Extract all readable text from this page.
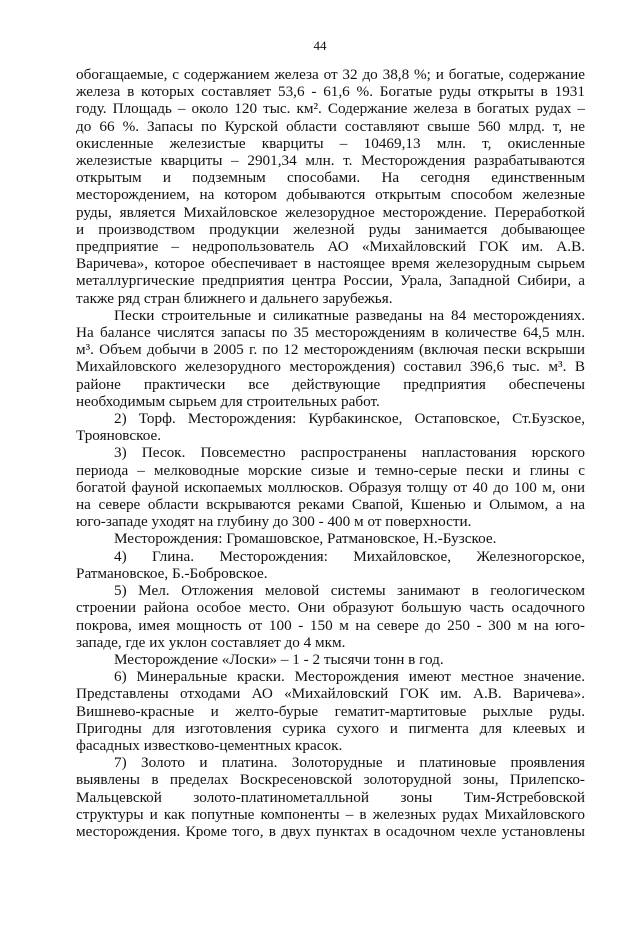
44
обогащаемые, с содержанием железа от 32 до 38,8 %; и богатые, содержание
железа в которых составляет 53,6 - 61,6 %. Богатые руды открыты в 1931
году. Площадь – около 120 тыс. км². Содержание железа в богатых рудах –
до 66 %. Запасы по Курской области составляют свыше 560 млрд. т, не
окисленные железистые кварциты – 10469,13 млн. т, окисленные
железистые кварциты – 2901,34 млн. т. Месторождения разрабатываются
открытым и подземным способами. На сегодня единственным
месторождением, на котором добываются открытым способом железные
руды, является Михайловское железорудное месторождение. Переработкой
и производством продукции железной руды занимается добывающее
предприятие – недропользователь АО «Михайловский ГОК им. А.В.
Варичева», которое обеспечивает в настоящее время железорудным сырьем
металлургические предприятия центра России, Урала, Западной Сибири, а
также ряд стран ближнего и дальнего зарубежья.
Пески строительные и силикатные разведаны на 84 месторождениях.
На балансе числятся запасы по 35 месторождениям в количестве 64,5 млн.
м³. Объем добычи в 2005 г. по 12 месторождениям (включая пески вскрыши
Михайловского железорудного месторождения) составил 396,6 тыс. м³. В
районе практически все действующие предприятия обеспечены
необходимым сырьем для строительных работ.
2) Торф. Месторождения: Курбакинское, Остаповское, Ст.Бузское,
Трояновское.
3) Песок. Повсеместно распространены напластования юрского
периода – мелководные морские сизые и темно-серые пески и глины с
богатой фауной ископаемых моллюсков. Образуя толщу от 40 до 100 м, они
на севере области вскрываются реками Свапой, Кшенью и Олымом, а на
юго-западе уходят на глубину до 300 - 400 м от поверхности.
Месторождения: Громашовское, Ратмановское, Н.-Бузское.
4) Глина. Месторождения: Михайловское, Железногорское,
Ратмановское, Б.-Бобровское.
5) Мел. Отложения меловой системы занимают в геологическом
строении района особое место. Они образуют большую часть осадочного
покрова, имея мощность от 100 - 150 м на севере до 250 - 300 м на юго-
западе, где их уклон составляет до 4 мкм.
Месторождение «Лоски» – 1 - 2 тысячи тонн в год.
6) Минеральные краски. Месторождения имеют местное значение.
Представлены отходами АО «Михайловский ГОК им. А.В. Варичева».
Вишнево-красные и желто-бурые гематит-мартитовые рыхлые руды.
Пригодны для изготовления сурика сухого и пигмента для клеевых и
фасадных известково-цементных красок.
7) Золото и платина. Золоторудные и платиновые проявления
выявлены в пределах Воскресеновской золоторудной зоны, Прилепско-
Мальцевской золото-платинометалльной зоны Тим-Ястребовской
структуры и как попутные компоненты – в железных рудах Михайловского
месторождения. Кроме того, в двух пунктах в осадочном чехле установлены
